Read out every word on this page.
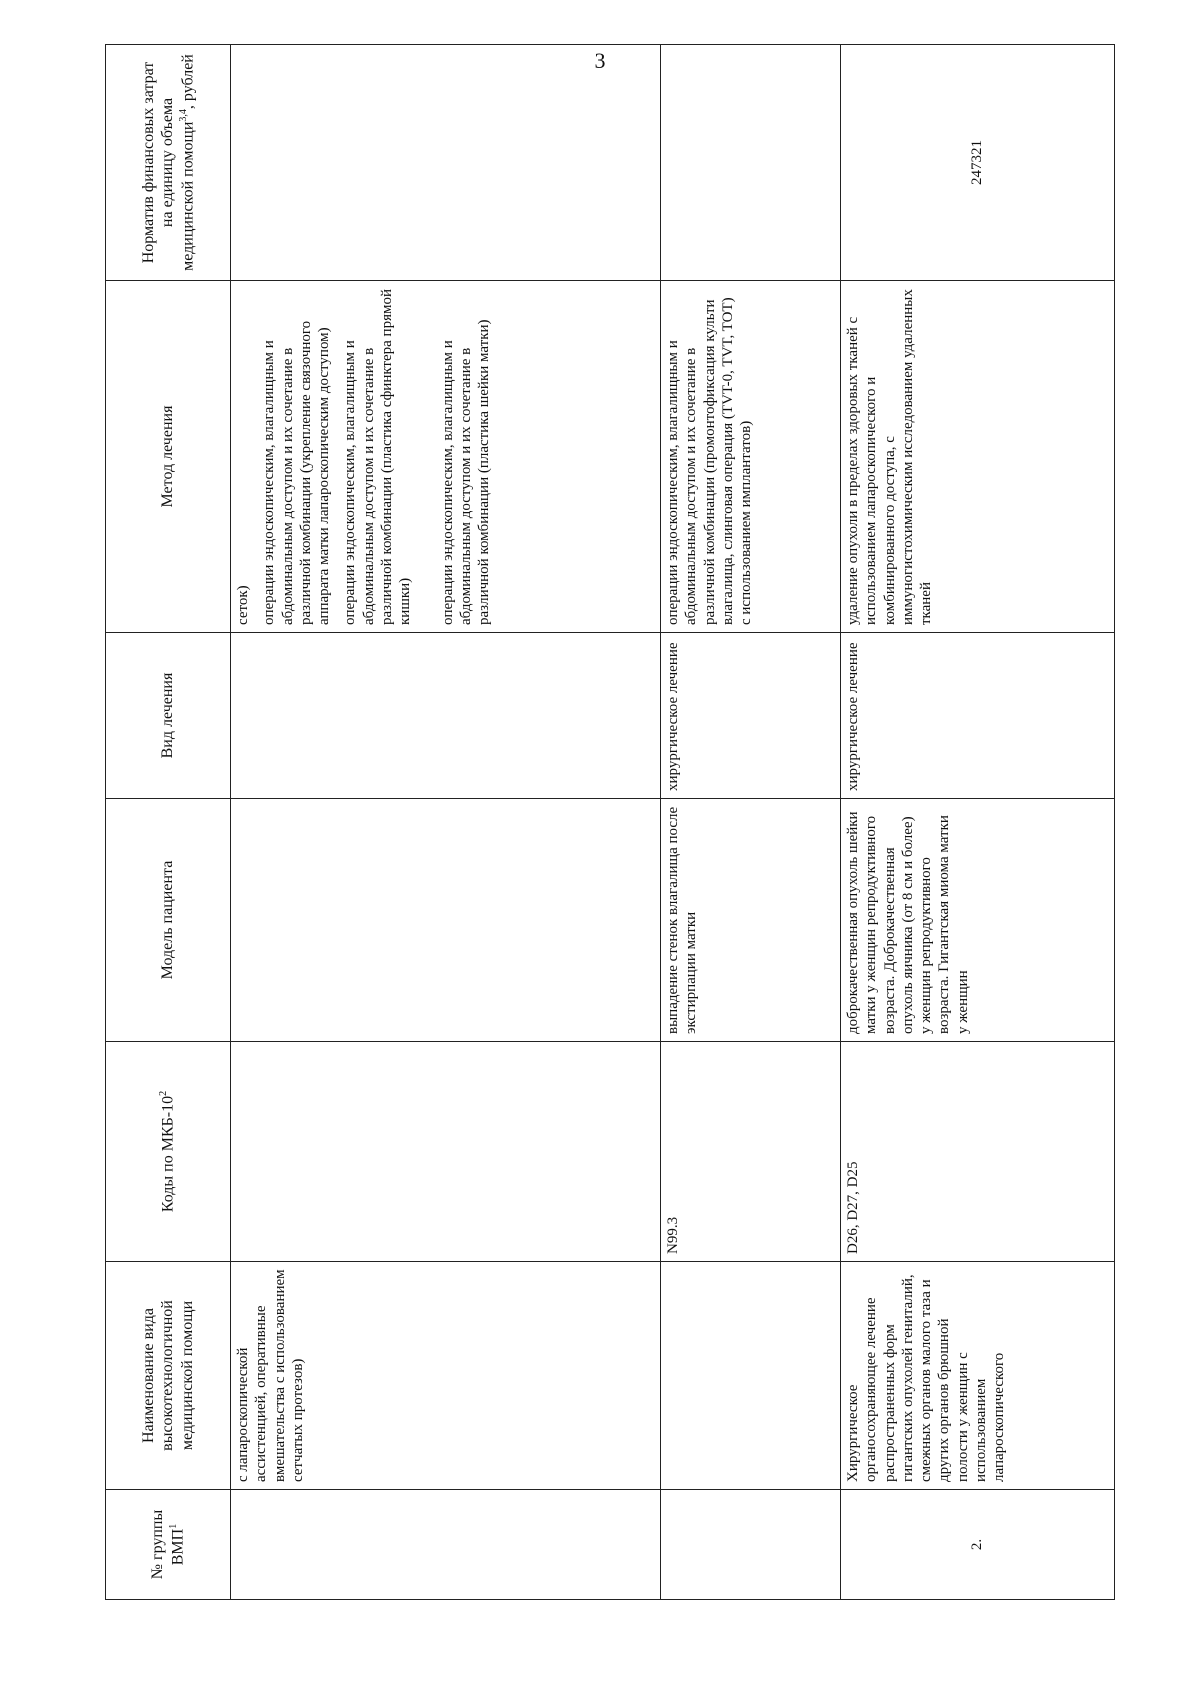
3
№ группы ВМП$^1$	Наименование вида высокотехнологичной медицинской помощи	Коды по МКБ-$10^2$	Модель пациента	Вид лечения	Метод лечения	Норматив финансовых затрат на единицу объема медицинской помощи$^{3,4}$, рублей
	с лапароскопической ассистенцией, оперативные вмешательства с использованием сетчатых протезов)				сеток) операции эндоскопическим, влагалищным и абдоминальным доступом и их сочетание в различной комбинации (укрепление связочного аппарата матки лапароскопическим доступом) операции эндоскопическим, влагалищным и абдоминальным доступом и их сочетание в различной комбинации (пластика сфинктера прямой кишки) операции эндоскопическим, влагалищным и абдоминальным доступом и их сочетание в различной комбинации (пластика шейки матки)	

		N99.3	выпадение стенок влагалища после экстирпации матки	хирургическое лечение	операции эндоскопическим, влагалищным и абдоминальным доступом и их сочетание в различной комбинации (промонтофиксация культи влагалища, слинговая операция (TVT-0, TVT, TOT) с использованием имплантатов)	
2.	Хирургическое органосохраняющее лечение распространенных форм гигантских опухолей гениталий, смежных органов малого таза и других органов брюшной полости у женщин с использованием лапароскопического	D26, D27, D25	доброкачественная опухоль шейки матки у женщин репродуктивного возраста. Доброкачественная опухоль яичника (от 8 см и более) у женщин репродуктивного возраста. Гигантская миома матки у женщин	хирургическое лечение	удаление опухоли в пределах здоровых тканей с использованием лапароскопического и комбинированного доступа, с иммуногистохимическим исследованием удаленных тканей	247321
